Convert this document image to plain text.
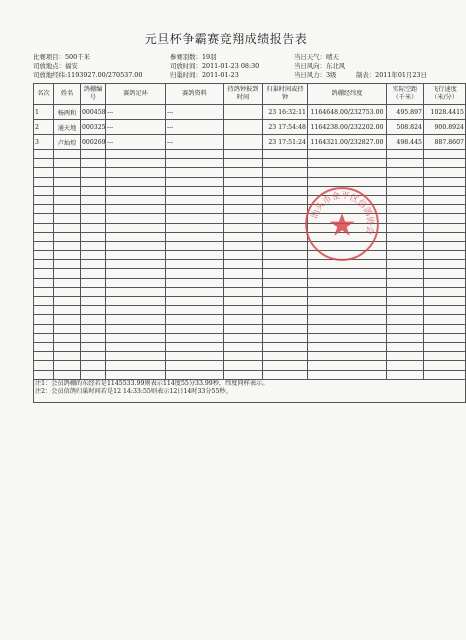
元旦杯争霸赛竞翔成绩报告表
比赛项目：500千米
司放地点：福安
司放地经纬:1193927.00/270537.00
参赛羽数：19羽
司放时间：2011-01-23 08:30
归巢时间：2011-01-23
当日天气：晴天
当日风向：东北风
当日风力：3级	制表：2011年01月23日
名次	姓名	鸽棚编号	赛鸽足环	赛鸽资料	持鸽钟报到时间	归巢时间或持钟	鸽棚经纬度	实际空距（千米）	飞行速度（米/分）
1	杨两和	000458	---	---		23 16:32:11	1164648.00/232753.00	495.897	1028.4415
2	通天地	000325	---	---		23 17:54:48	1164238.00/232202.00	508.824	900.8924
3	卢灿煌	000269	---	---		23 17:51:24	1164321.00/232827.00	498.445	887.8607

注1：会员鸽棚的东经若是1145533.99则表示114度55分33.99秒，纬度同样表示。
注2：会员信鸽归巢时间若是12 14:33:55则表示12日14时33分55秒。									
汕头市金平区信鸽协会
